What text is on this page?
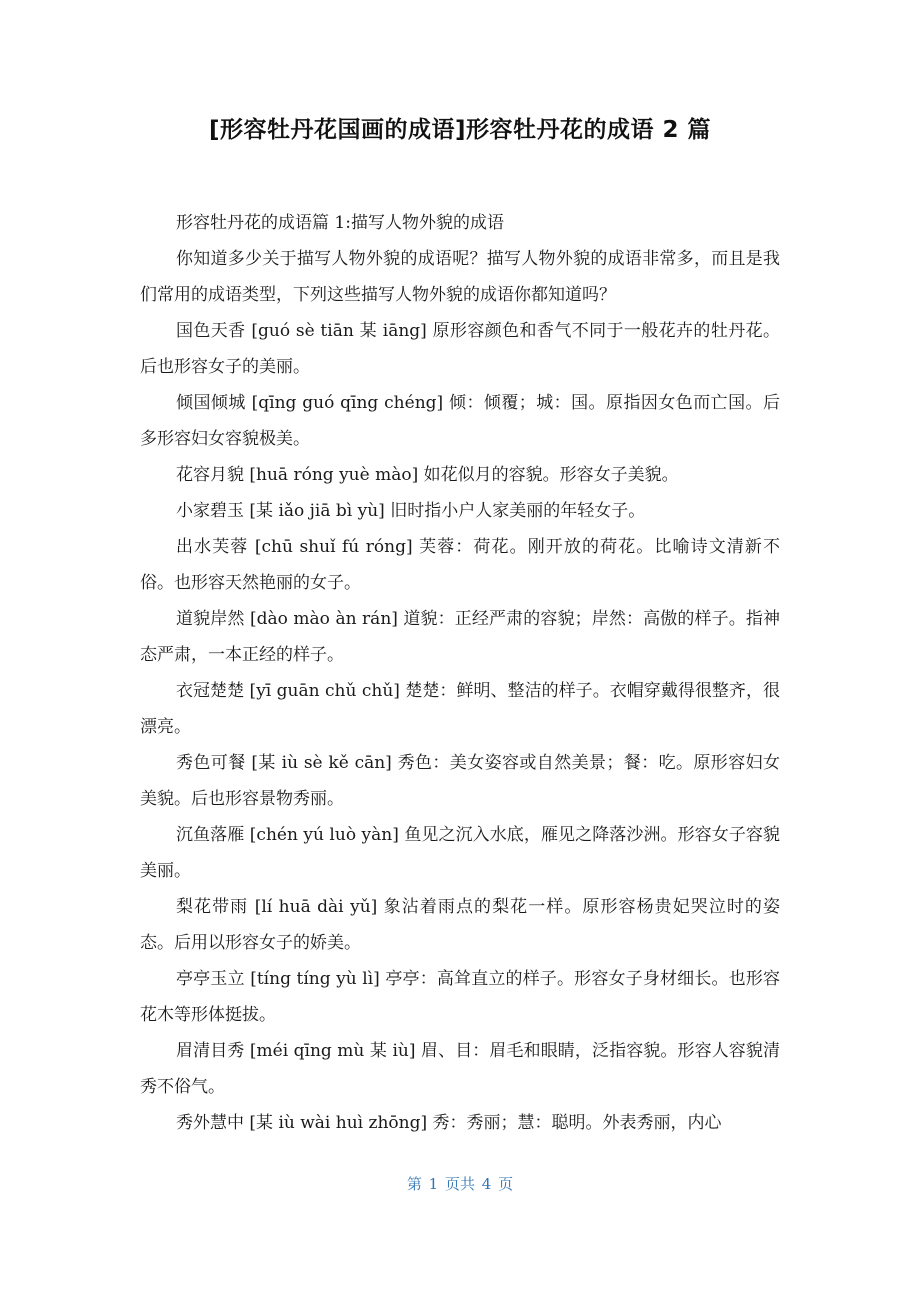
[形容牡丹花国画的成语]形容牡丹花的成语 2 篇

形容牡丹花的成语篇 1:描写人物外貌的成语

你知道多少关于描写人物外貌的成语呢？描写人物外貌的成语非常多，而且是我们常用的成语类型，下列这些描写人物外貌的成语你都知道吗？

国色天香 [guó sè tiān 某 iāng] 原形容颜色和香气不同于一般花卉的牡丹花。后也形容女子的美丽。

倾国倾城 [qīng guó qīng chéng] 倾：倾覆；城：国。原指因女色而亡国。后多形容妇女容貌极美。

花容月貌 [huā róng yuè mào] 如花似月的容貌。形容女子美貌。

小家碧玉 [某 iǎo jiā bì yù] 旧时指小户人家美丽的年轻女子。

出水芙蓉 [chū shuǐ fú róng] 芙蓉：荷花。刚开放的荷花。比喻诗文清新不俗。也形容天然艳丽的女子。

道貌岸然 [dào mào àn rán] 道貌：正经严肃的容貌；岸然：高傲的样子。指神态严肃，一本正经的样子。

衣冠楚楚 [yī guān chǔ chǔ] 楚楚：鲜明、整洁的样子。衣帽穿戴得很整齐，很漂亮。

秀色可餐 [某 iù sè kě cān] 秀色：美女姿容或自然美景；餐：吃。原形容妇女美貌。后也形容景物秀丽。

沉鱼落雁 [chén yú luò yàn] 鱼见之沉入水底，雁见之降落沙洲。形容女子容貌美丽。

梨花带雨 [lí huā dài yǔ] 象沾着雨点的梨花一样。原形容杨贵妃哭泣时的姿态。后用以形容女子的娇美。

亭亭玉立 [tíng tíng yù lì] 亭亭：高耸直立的样子。形容女子身材细长。也形容花木等形体挺拔。

眉清目秀 [méi qīng mù 某 iù] 眉、目：眉毛和眼睛，泛指容貌。形容人容貌清秀不俗气。

秀外慧中 [某 iù wài huì zhōng] 秀：秀丽；慧：聪明。外表秀丽，内心

第 1 页共 4 页
